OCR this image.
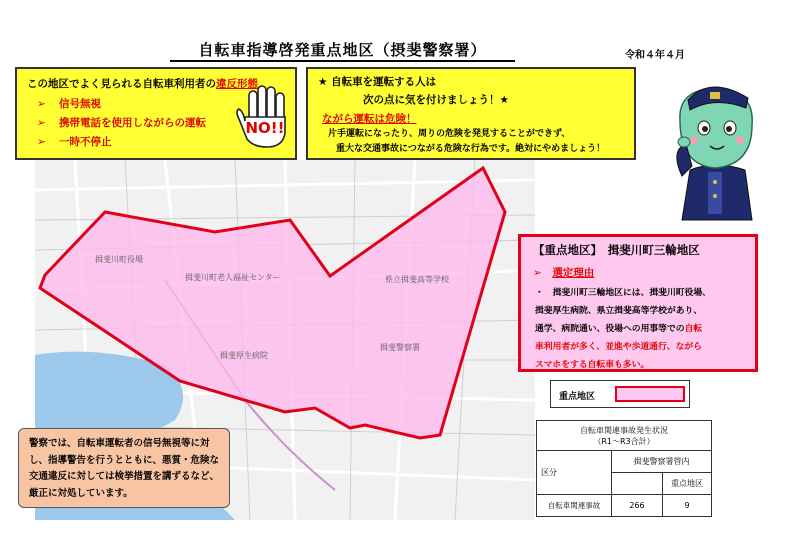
自転車指導啓発重点地区（摂斐警察署）	令和４年４月
この地区でよく見られる自転車利用者の違反形態
➢ 信号無視
➢ 携帯電話を使用しながらの運転
➢ 一時不停止
NO!!
★ 自転車を運転する人は
次の点に気を付けましょう！★
ながら運転は危険！
片手運転になったり、周りの危険を発見することができず、
重大な交通事故につながる危険な行為です。絶対にやめましょう！
揖斐川町役場
揖斐川町老人福祉センター	県立揖斐高等学校
揖斐厚生病院
揖斐警察署
【重点地区】　揖斐川町三輪地区
➢　 選定理由
・　揖斐川町三輪地区には、揖斐川町役場、
揖斐厚生病院、県立揖斐高等学校があり、
通学、病院通い、役場への用事等での自転
車利用者が多く、並進や歩道通行、ながら
スマホをする自転車も多い。
重点地区
警察では、自転車運転者の信号無視等に対
し、指導警告を行うとともに、悪質・危険な
交通違反に対しては検挙措置を講ずるなど、
厳正に対処しています。
自転車関連事故発生状況
（R1～R3合計）		

区分	揖斐警察署管内	
		重点地区
自転車関連事故	266	9
